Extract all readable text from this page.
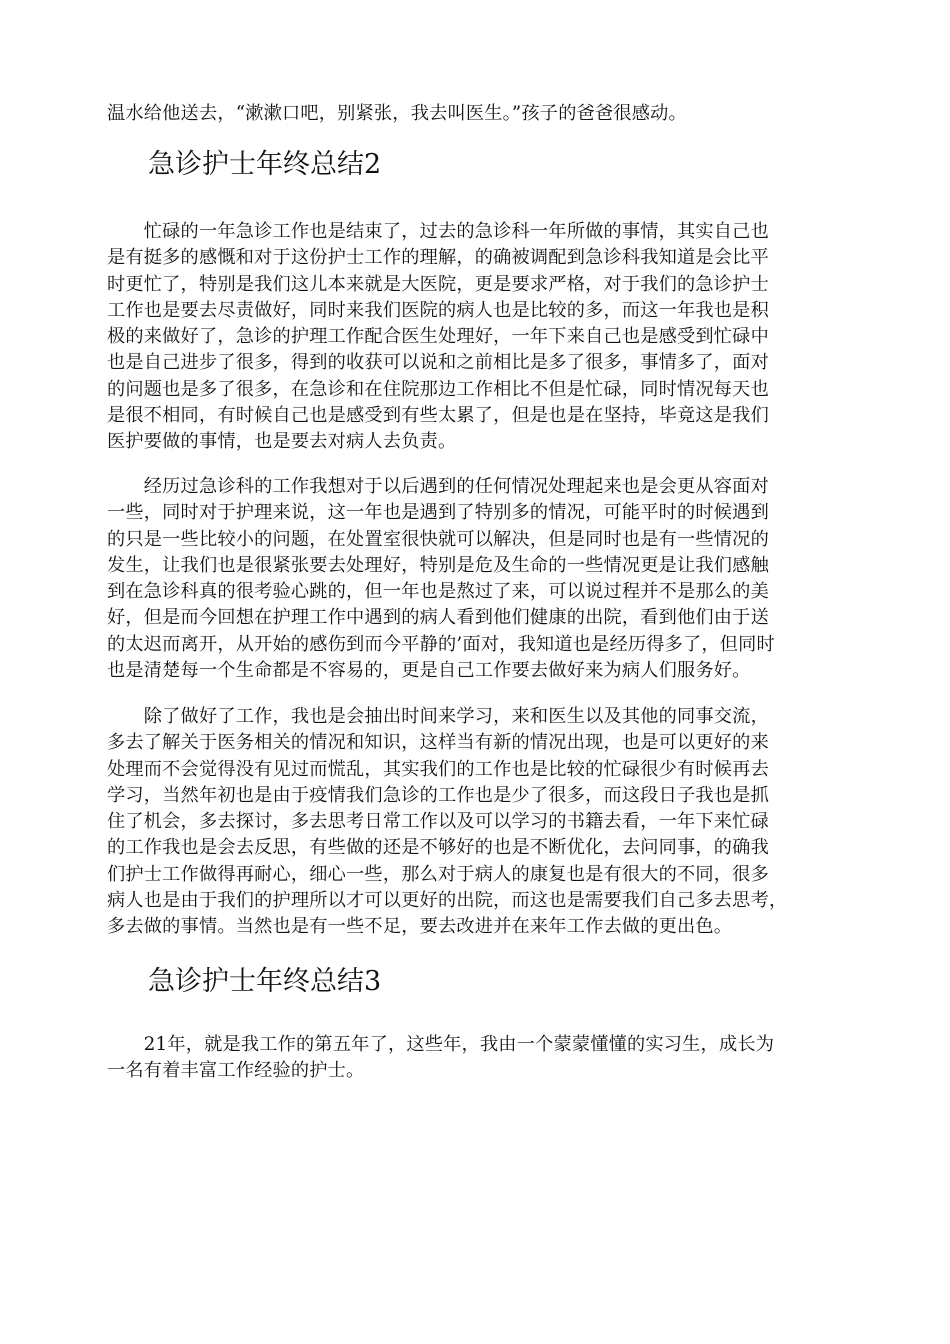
温水给他送去，“漱漱口吧，别紧张，我去叫医生。”孩子的爸爸很感动。

急诊护士年终总结2

　　忙碌的一年急诊工作也是结束了，过去的急诊科一年所做的事情，其实自己也
是有挺多的感慨和对于这份护士工作的理解，的确被调配到急诊科我知道是会比平
时更忙了，特别是我们这儿本来就是大医院，更是要求严格，对于我们的急诊护士
工作也是要去尽责做好，同时来我们医院的病人也是比较的多，而这一年我也是积
极的来做好了，急诊的护理工作配合医生处理好，一年下来自己也是感受到忙碌中
也是自己进步了很多，得到的收获可以说和之前相比是多了很多，事情多了，面对
的问题也是多了很多，在急诊和在住院那边工作相比不但是忙碌，同时情况每天也
是很不相同，有时候自己也是感受到有些太累了，但是也是在坚持，毕竟这是我们
医护要做的事情，也是要去对病人去负责。

　　经历过急诊科的工作我想对于以后遇到的任何情况处理起来也是会更从容面对
一些，同时对于护理来说，这一年也是遇到了特别多的情况，可能平时的时候遇到
的只是一些比较小的问题，在处置室很快就可以解决，但是同时也是有一些情况的
发生，让我们也是很紧张要去处理好，特别是危及生命的一些情况更是让我们感触
到在急诊科真的很考验心跳的，但一年也是熬过了来，可以说过程并不是那么的美
好，但是而今回想在护理工作中遇到的病人看到他们健康的出院，看到他们由于送
的太迟而离开，从开始的感伤到而今平静的’面对，我知道也是经历得多了，但同时
也是清楚每一个生命都是不容易的，更是自己工作要去做好来为病人们服务好。

　　除了做好了工作，我也是会抽出时间来学习，来和医生以及其他的同事交流，
多去了解关于医务相关的情况和知识，这样当有新的情况出现，也是可以更好的来
处理而不会觉得没有见过而慌乱，其实我们的工作也是比较的忙碌很少有时候再去
学习，当然年初也是由于疫情我们急诊的工作也是少了很多，而这段日子我也是抓
住了机会，多去探讨，多去思考日常工作以及可以学习的书籍去看，一年下来忙碌
的工作我也是会去反思，有些做的还是不够好的也是不断优化，去问同事，的确我
们护士工作做得再耐心，细心一些，那么对于病人的康复也是有很大的不同，很多
病人也是由于我们的护理所以才可以更好的出院，而这也是需要我们自己多去思考，
多去做的事情。当然也是有一些不足，要去改进并在来年工作去做的更出色。

急诊护士年终总结3

　　21年，就是我工作的第五年了，这些年，我由一个蒙蒙懂懂的实习生，成长为
一名有着丰富工作经验的护士。
